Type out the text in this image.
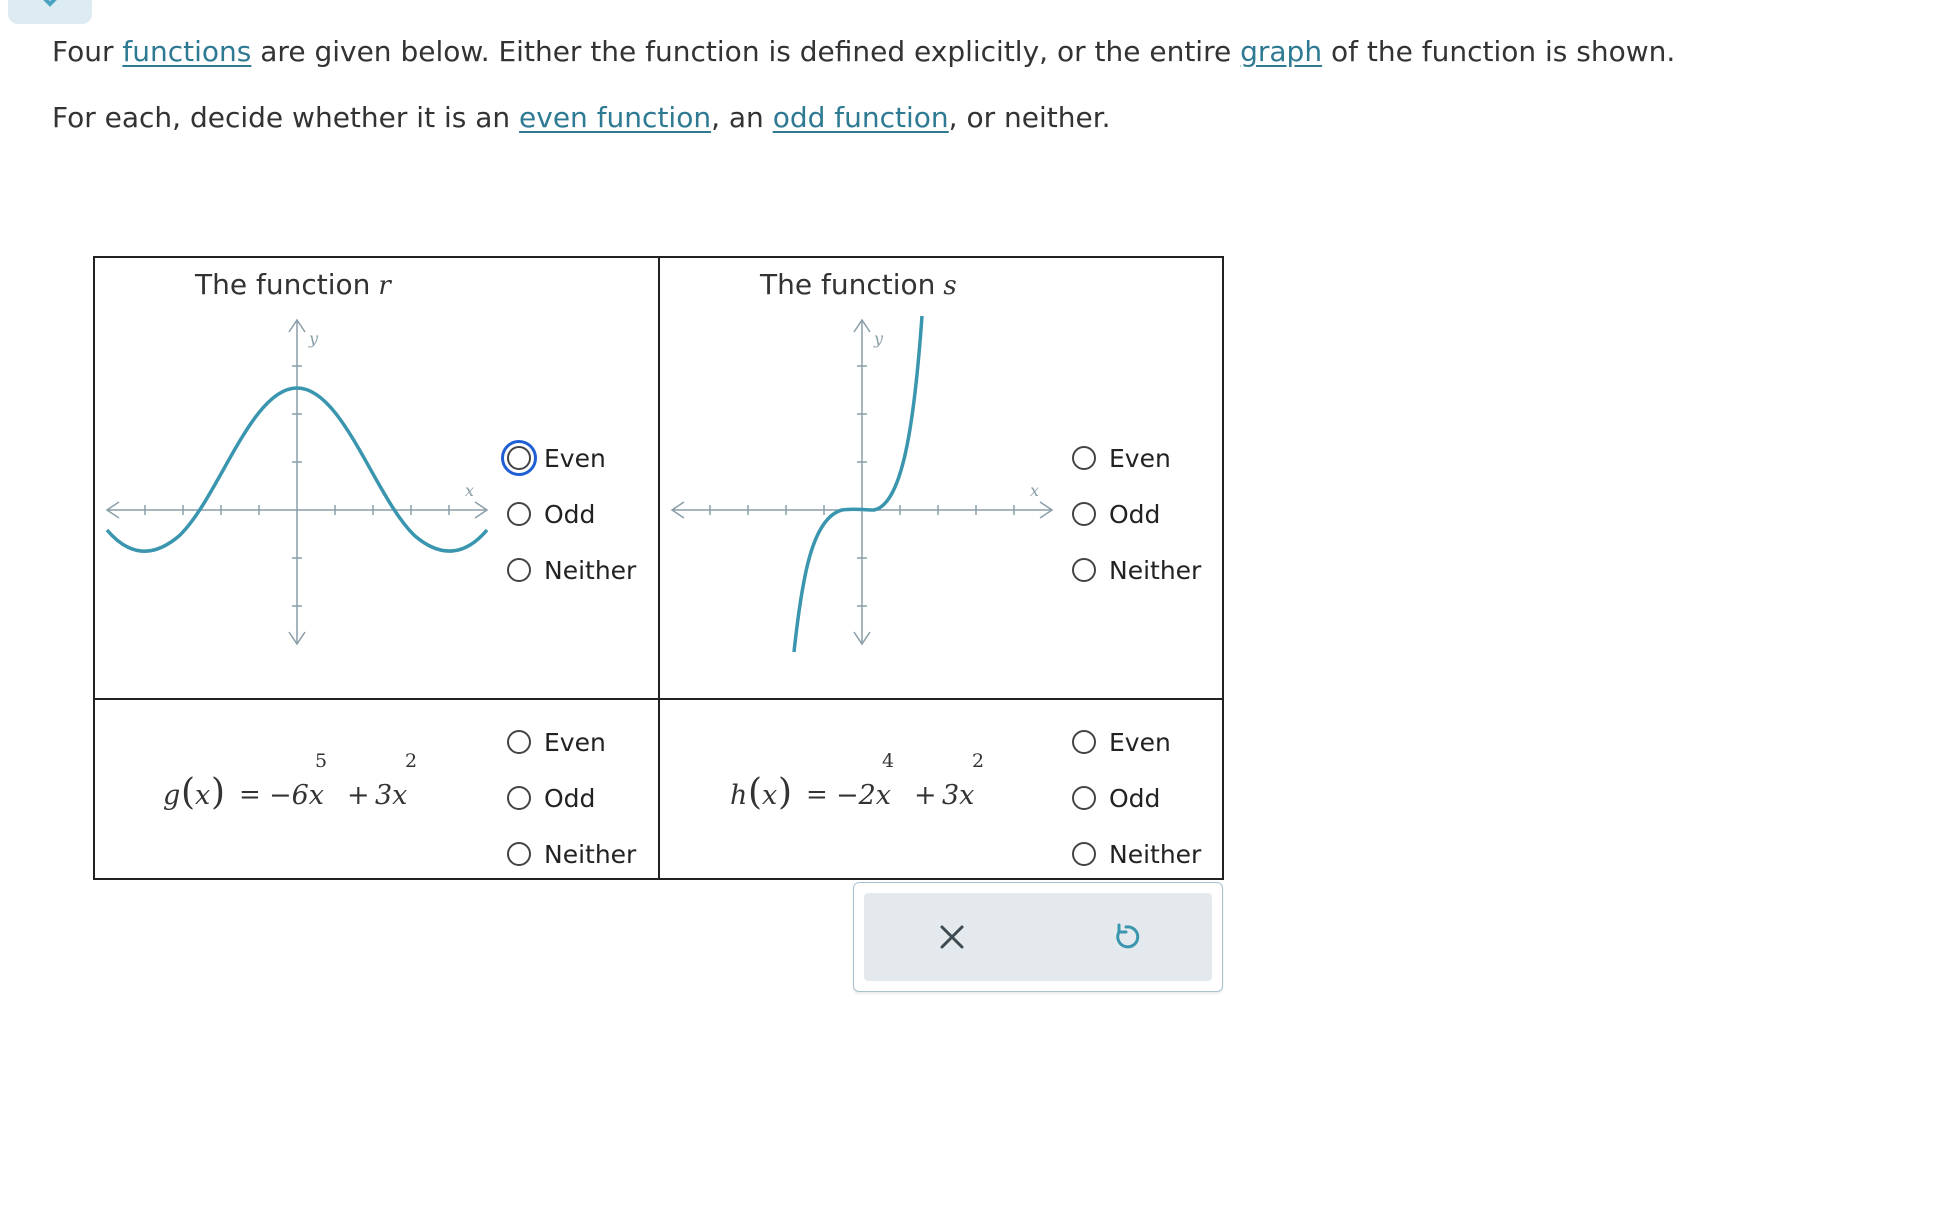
Four functions are given below. Either the function is defined explicitly, or the entire graph of the function is shown.
For each, decide whether it is an even function, an odd function, or neither.
The function r
y
x
Even
Odd
Neither
The function s
y
x
Even
Odd
Neither
g ( x ) = −6x
5
+ 3x
2
Even
Odd
Neither
h ( x ) = −2x
4
+ 3x
2
Even
Odd
Neither
